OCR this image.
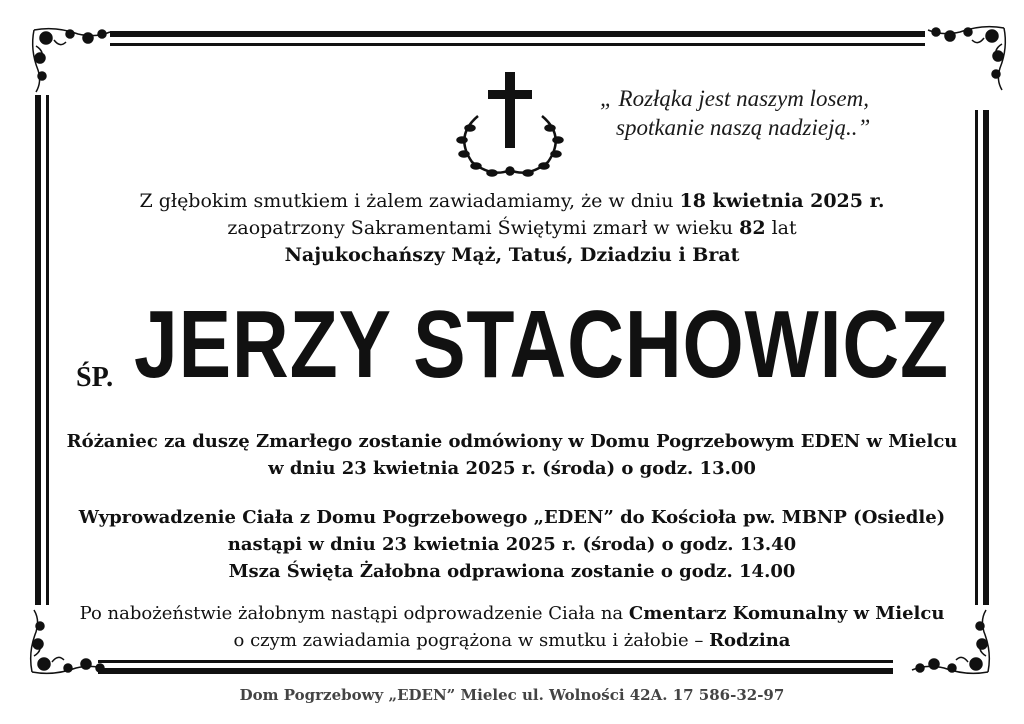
„ Rozłąka jest naszym losem,
spotkanie naszą nadzieją..”
Z głębokim smutkiem i żalem zawiadamiamy, że w dniu 18 kwietnia 2025 r.
zaopatrzony Sakramentami Świętymi zmarł w wieku 82 lat
Najukochańszy Mąż, Tatuś, Dziadziu i Brat
ŚP. JERZY STACHOWICZ
Różaniec za duszę Zmarłego zostanie odmówiony w Domu Pogrzebowym EDEN w Mielcu
w dniu 23 kwietnia 2025 r. (środa) o godz. 13.00
Wyprowadzenie Ciała z Domu Pogrzebowego „EDEN” do Kościoła pw. MBNP (Osiedle)
nastąpi w dniu 23 kwietnia 2025 r. (środa) o godz. 13.40
Msza Święta Żałobna odprawiona zostanie o godz. 14.00
Po nabożeństwie żałobnym nastąpi odprowadzenie Ciała na Cmentarz Komunalny w Mielcu
o czym zawiadamia pogrążona w smutku i żałobie – Rodzina
Dom Pogrzebowy „EDEN” Mielec ul. Wolności 42A. 17 586-32-97
